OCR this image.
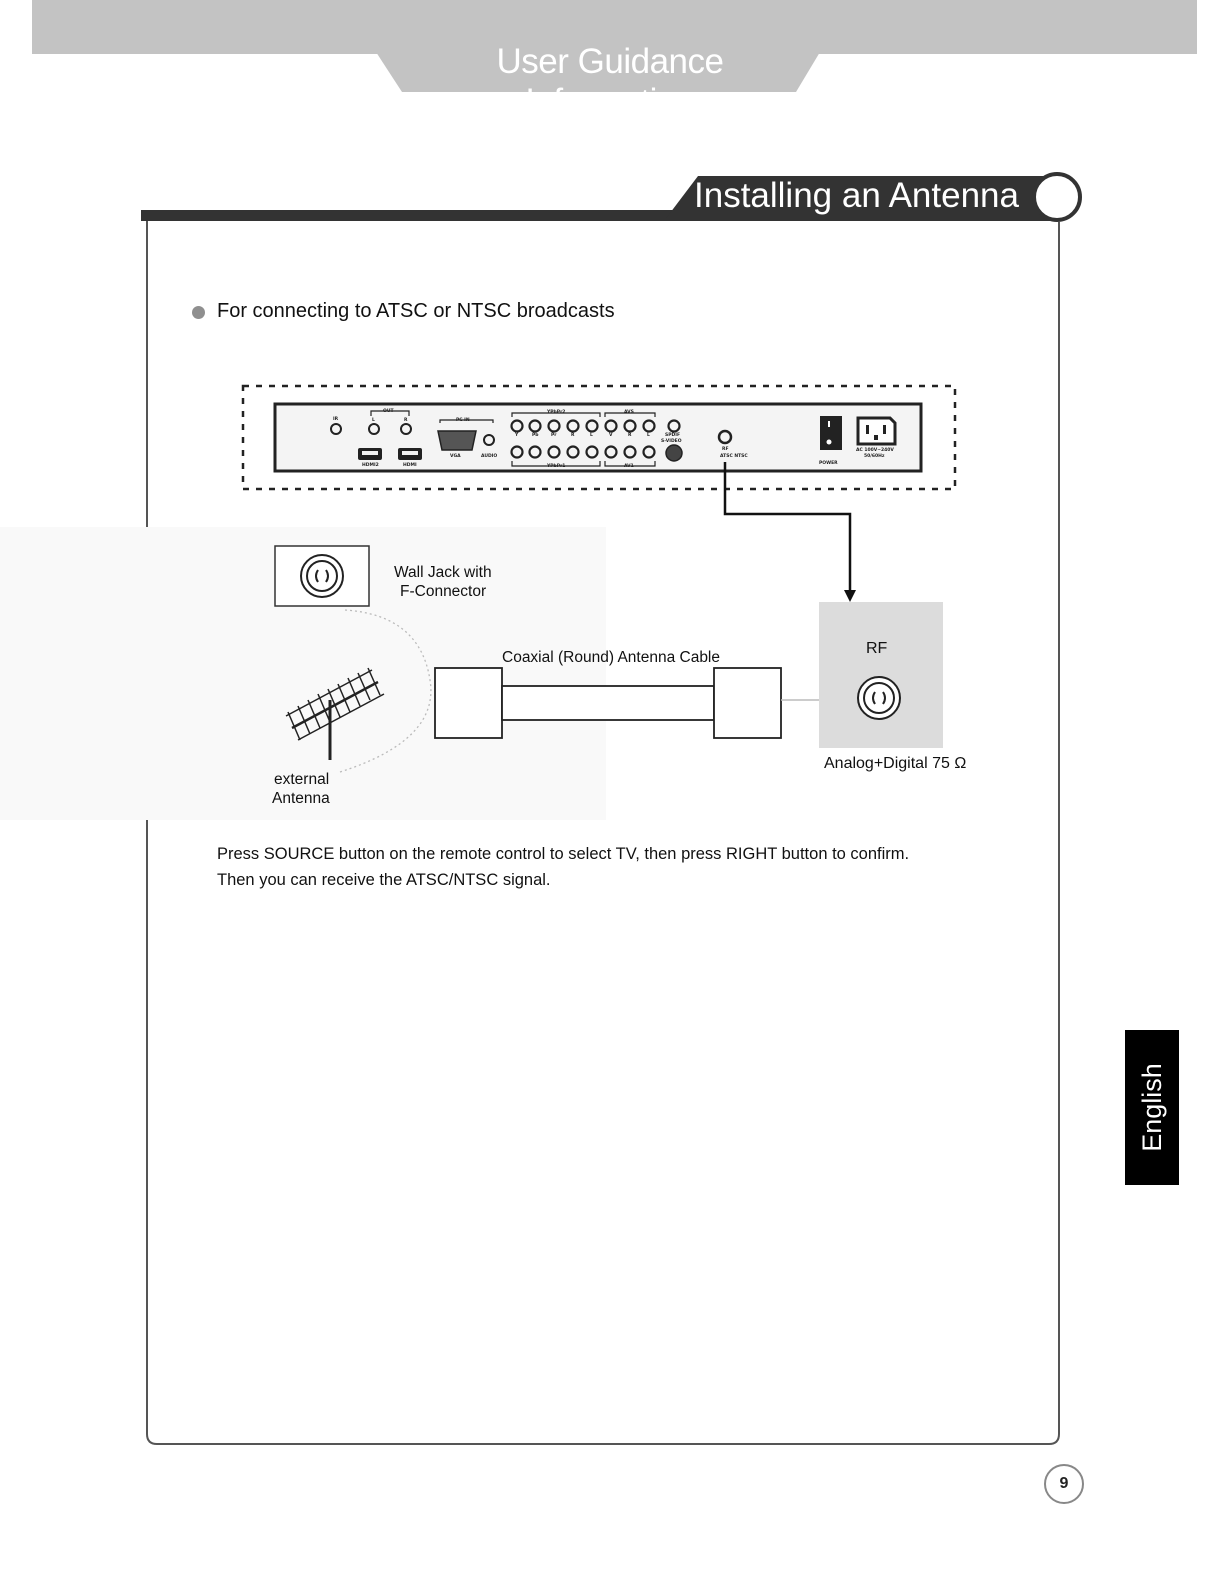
User Guidance Information
Installing an Antenna
For connecting to ATSC or NTSC broadcasts
IR
OUT
L	R
HDMI2	HDMI
PC IN
VGA	AUDIO
YPbPr2	AVS
YPbPr1	AV1
Y	Pb	Pr	R	L	V	R	L	SPDIF
S-VIDEO
RF
ATSC NTSC
POWER
AC 100V~240V
50/60Hz
Wall Jack with
F-Connector
Coaxial (Round) Antenna Cable
RF
Analog+Digital 75 Ω
external
Antenna
Press SOURCE button on the remote control to select TV, then press RIGHT button to confirm.
Then you can receive the ATSC/NTSC signal.
English
9
